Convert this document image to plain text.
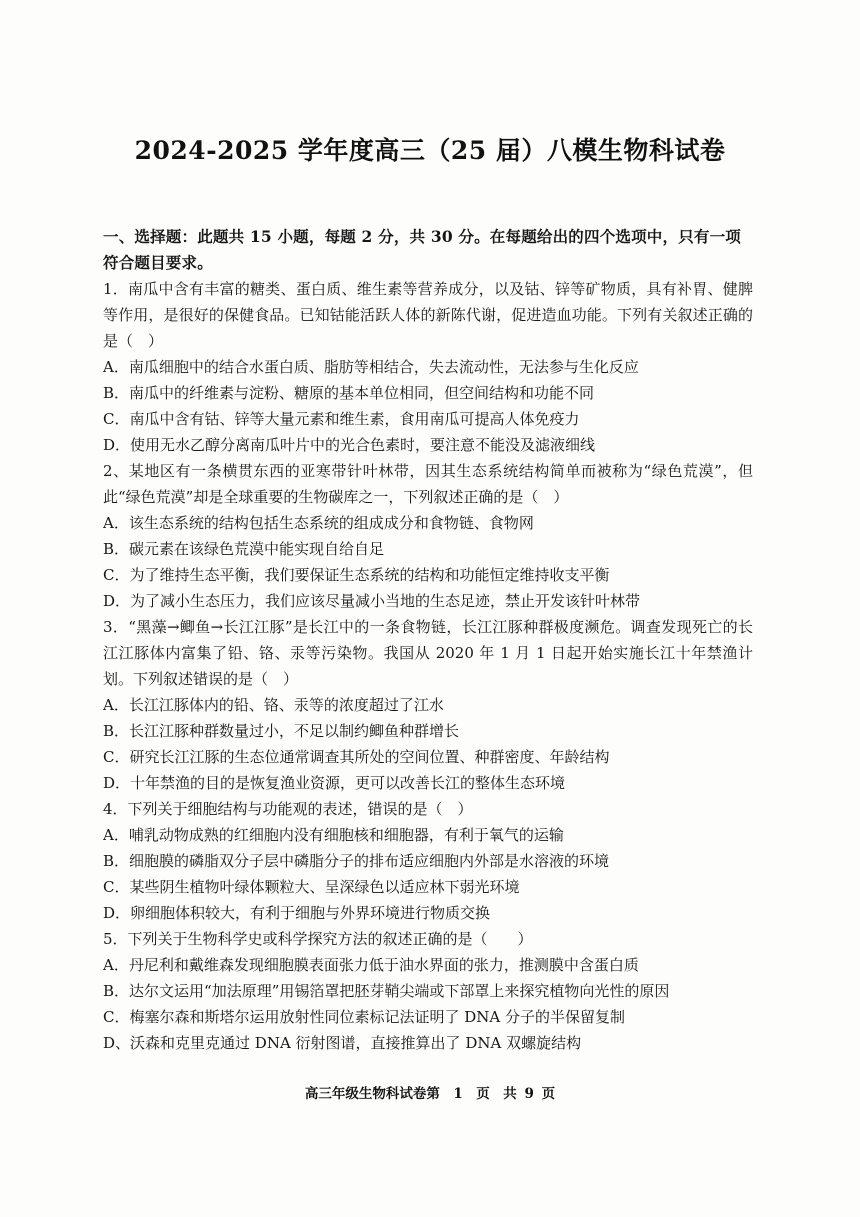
2024-2025 学年度高三（25 届）八模生物科试卷

一、选择题：此题共 15 小题，每题 2 分，共 30 分。在每题给出的四个选项中，只有一项符合题目要求。

1．南瓜中含有丰富的糖类、蛋白质、维生素等营养成分，以及钴、锌等矿物质，具有补胃、健脾等作用，是很好的保健食品。已知钴能活跃人体的新陈代谢，促进造血功能。下列有关叙述正确的是（　）

A．南瓜细胞中的结合水蛋白质、脂肪等相结合，失去流动性，无法参与生化反应

B．南瓜中的纤维素与淀粉、糖原的基本单位相同，但空间结构和功能不同

C．南瓜中含有钴、锌等大量元素和维生素，食用南瓜可提高人体免疫力

D．使用无水乙醇分离南瓜叶片中的光合色素时，要注意不能没及滤液细线

2、某地区有一条横贯东西的亚寒带针叶林带，因其生态系统结构简单而被称为“绿色荒漠”，但此“绿色荒漠”却是全球重要的生物碳库之一，下列叙述正确的是（　）

A．该生态系统的结构包括生态系统的组成成分和食物链、食物网

B．碳元素在该绿色荒漠中能实现自给自足

C．为了维持生态平衡，我们要保证生态系统的结构和功能恒定维持收支平衡

D．为了减小生态压力，我们应该尽量减小当地的生态足迹，禁止开发该针叶林带

3．“黑藻→鲫鱼→长江江豚”是长江中的一条食物链，长江江豚种群极度濒危。调查发现死亡的长江江豚体内富集了铅、铬、汞等污染物。我国从 2020 年 1 月 1 日起开始实施长江十年禁渔计划。下列叙述错误的是（　）

A．长江江豚体内的铅、铬、汞等的浓度超过了江水

B．长江江豚种群数量过小，不足以制约鲫鱼种群增长

C．研究长江江豚的生态位通常调查其所处的空间位置、种群密度、年龄结构

D．十年禁渔的目的是恢复渔业资源，更可以改善长江的整体生态环境

4．下列关于细胞结构与功能观的表述，错误的是（　）

A．哺乳动物成熟的红细胞内没有细胞核和细胞器，有利于氧气的运输

B．细胞膜的磷脂双分子层中磷脂分子的排布适应细胞内外部是水溶液的环境

C．某些阴生植物叶绿体颗粒大、呈深绿色以适应林下弱光环境

D．卵细胞体积较大，有利于细胞与外界环境进行物质交换

5．下列关于生物科学史或科学探究方法的叙述正确的是（　　）

A．丹尼利和戴维森发现细胞膜表面张力低于油水界面的张力，推测膜中含蛋白质

B．达尔文运用“加法原理”用锡箔罩把胚芽鞘尖端或下部罩上来探究植物向光性的原因

C．梅塞尔森和斯塔尔运用放射性同位素标记法证明了 DNA 分子的半保留复制

D、沃森和克里克通过 DNA 衍射图谱，直接推算出了 DNA 双螺旋结构

高三年级生物科试卷第　1　页　共 9 页
